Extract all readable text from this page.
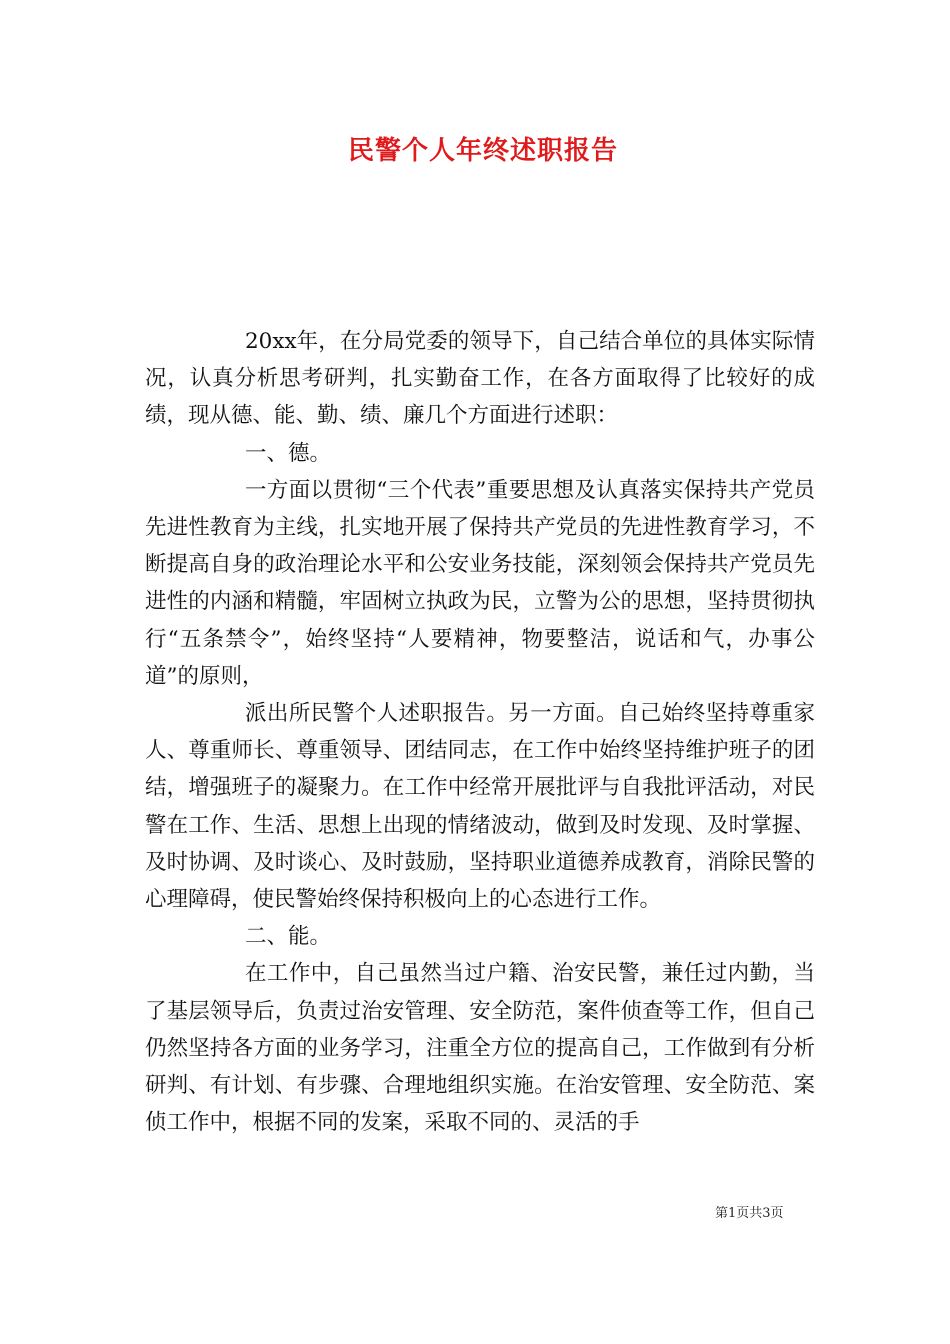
民警个人年终述职报告

20xx年，在分局党委的领导下，自己结合单位的具体实际情况，认真分析思考研判，扎实勤奋工作，在各方面取得了比较好的成绩，现从德、能、勤、绩、廉几个方面进行述职：

一、德。

一方面以贯彻“三个代表”重要思想及认真落实保持共产党员先进性教育为主线，扎实地开展了保持共产党员的先进性教育学习，不断提高自身的政治理论水平和公安业务技能，深刻领会保持共产党员先进性的内涵和精髓，牢固树立执政为民，立警为公的思想，坚持贯彻执行“五条禁令”，始终坚持“人要精神，物要整洁，说话和气，办事公道”的原则，

派出所民警个人述职报告。另一方面。自己始终坚持尊重家人、尊重师长、尊重领导、团结同志，在工作中始终坚持维护班子的团结，增强班子的凝聚力。在工作中经常开展批评与自我批评活动，对民警在工作、生活、思想上出现的情绪波动，做到及时发现、及时掌握、及时协调、及时谈心、及时鼓励，坚持职业道德养成教育，消除民警的心理障碍，使民警始终保持积极向上的心态进行工作。

二、能。

在工作中，自己虽然当过户籍、治安民警，兼任过内勤，当了基层领导后，负责过治安管理、安全防范，案件侦查等工作，但自己仍然坚持各方面的业务学习，注重全方位的提高自己，工作做到有分析研判、有计划、有步骤、合理地组织实施。在治安管理、安全防范、案侦工作中，根据不同的发案，采取不同的、灵活的手

第1页共3页
